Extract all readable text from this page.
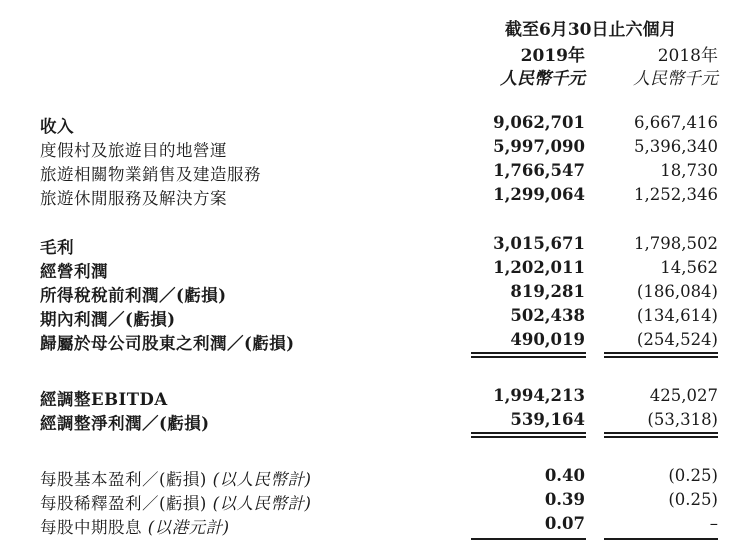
截至6月30日止六個月
2019年	2018年
人民幣千元	人民幣千元
收入	9,062,701	6,667,416
度假村及旅遊目的地營運	5,997,090	5,396,340
旅遊相關物業銷售及建造服務	1,766,547	18,730
旅遊休閒服務及解決方案	1,299,064	1,252,346
毛利	3,015,671	1,798,502
經營利潤	1,202,011	14,562
所得稅稅前利潤／(虧損)	819,281	(186,084)
期內利潤／(虧損)	502,438	(134,614)
歸屬於母公司股東之利潤／(虧損)	490,019	(254,524)
經調整EBITDA	1,994,213	425,027
經調整淨利潤／(虧損)	539,164	(53,318)
每股基本盈利／(虧損) (以人民幣計)	0.40	(0.25)
每股稀釋盈利／(虧損) (以人民幣計)	0.39	(0.25)
每股中期股息 (以港元計)	0.07	–
